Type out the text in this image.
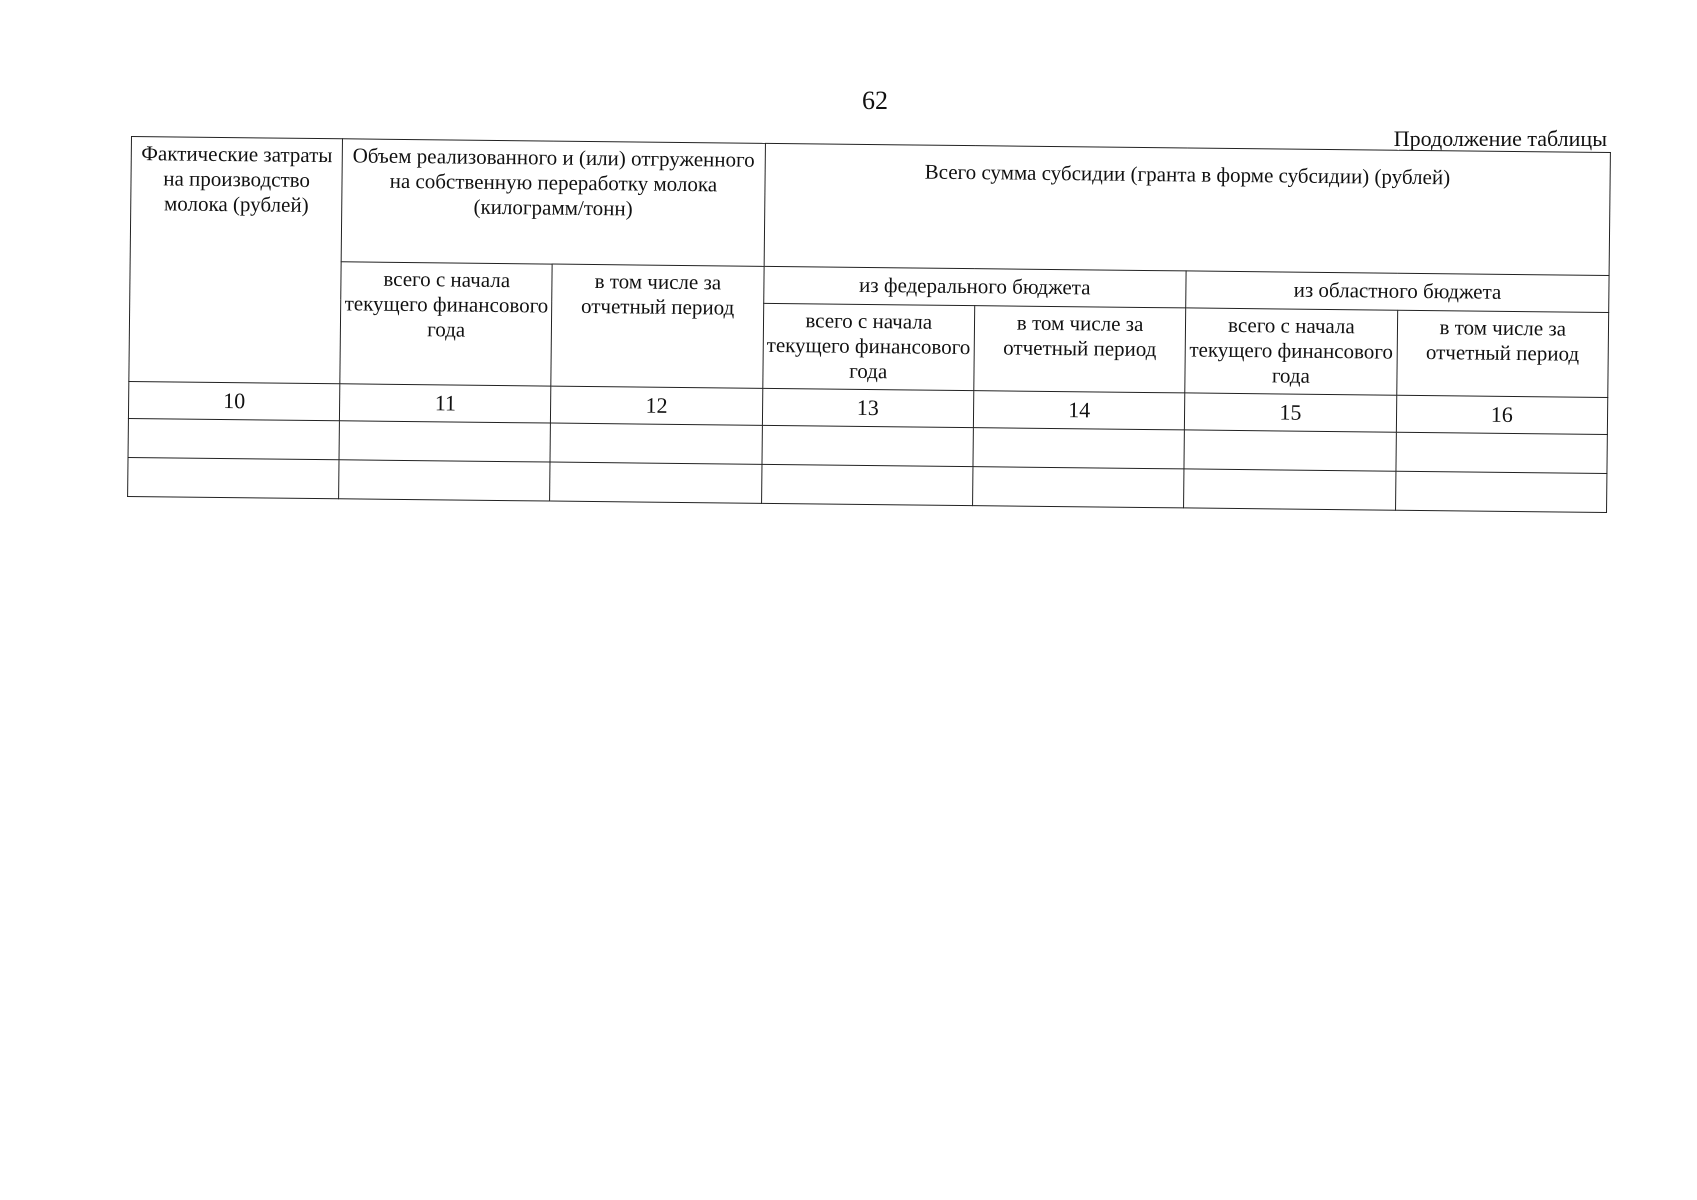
62
Продолжение таблицы
Фактические затраты на производство молока (рублей)	Объем реализованного и (или) отгруженного на собственную переработку молока (килограмм/тонн)		Всего сумма субсидии (гранта в форме субсидии) (рублей)			
	всего с начала текущего финансового года	в том числе за отчетный период	из федерального бюджета		из областного бюджета	
			всего с начала текущего финансового года	в том числе за отчетный период	всего с начала текущего финансового года	в том числе за отчетный период
10	11	12	13	14	15	16
